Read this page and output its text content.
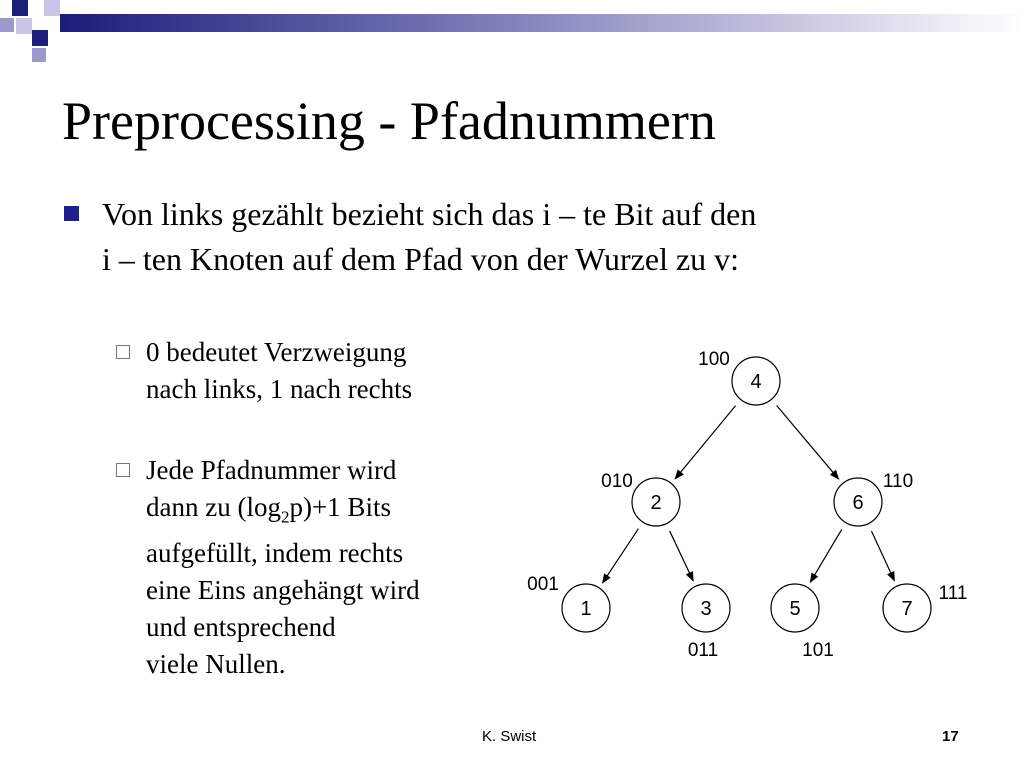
Preprocessing - Pfadnummern
Von links gezählt bezieht sich das i – te Bit auf den
i – ten Knoten auf dem Pfad von der Wurzel zu v:
0 bedeutet Verzweigung
nach links, 1 nach rechts
Jede Pfadnummer wird
dann zu $(\log_2p)+1$ Bits
aufgefüllt, indem rechts
eine Eins angehängt wird
und entsprechend
viele Nullen.
4
100
2
010
6
110
1
001
3
011
5
101
7
111
K. Swist	17
